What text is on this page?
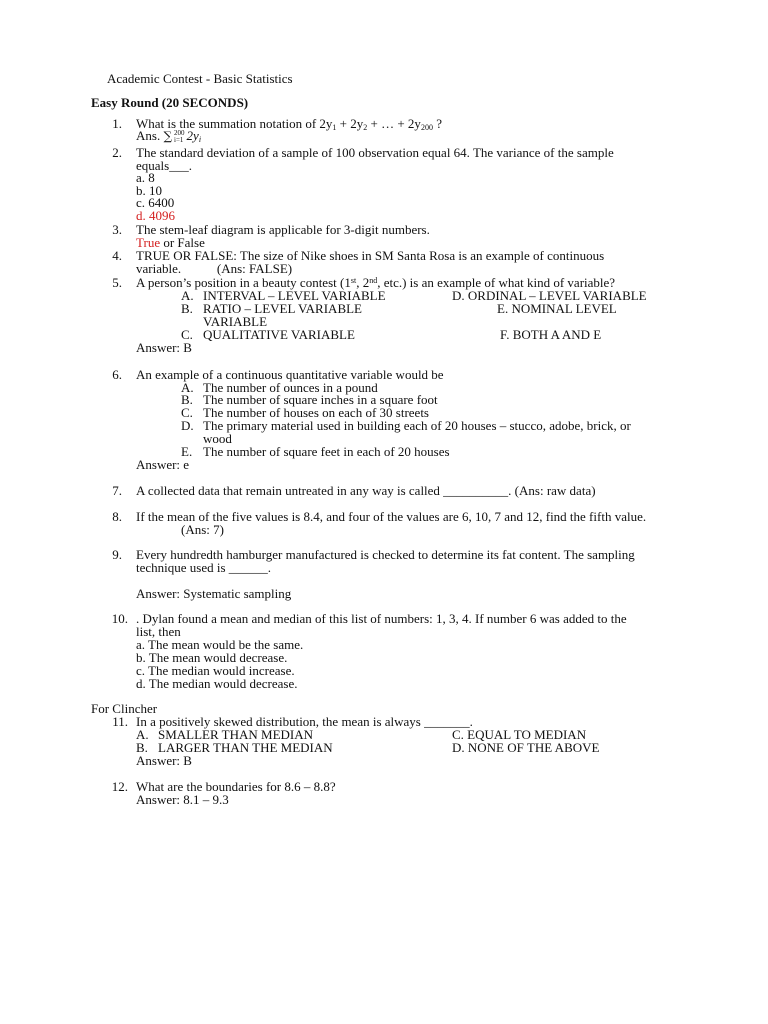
Academic Contest - Basic Statistics
Easy Round (20 SECONDS)
1. What is the summation notation of $2y_1 + 2y_2$ + … + $2y_{200}$ ?
Ans. ∑ 200
i=1 $2y_i$
2. The standard deviation of a sample of 100 observation equal 64. The variance of the sample
equals___.
a. 8
b. 10
c. 6400
d. 4096
3. The stem-leaf diagram is applicable for 3-digit numbers.
True or False
4. TRUE OR FALSE: The size of Nike shoes in SM Santa Rosa is an example of continuous
variable.           (Ans: FALSE)
5. A person’s position in a beauty contest (1st, 2nd, etc.) is an example of what kind of variable?
A. INTERVAL – LEVEL VARIABLE	D. ORDINAL – LEVEL VARIABLE
B. RATIO – LEVEL VARIABLE	E. NOMINAL LEVEL
VARIABLE
C. QUALITATIVE VARIABLE	F. BOTH A AND E
Answer: B
6. An example of a continuous quantitative variable would be
A. The number of ounces in a pound
B. The number of square inches in a square foot
C. The number of houses on each of 30 streets
D. The primary material used in building each of 20 houses – stucco, adobe, brick, or
wood
E. The number of square feet in each of 20 houses
Answer: e
7. A collected data that remain untreated in any way is called __________. (Ans: raw data)
8. If the mean of the five values is 8.4, and four of the values are 6, 10, 7 and 12, find the fifth value.
(Ans: 7)
9. Every hundredth hamburger manufactured is checked to determine its fat content. The sampling
technique used is ______.
Answer: Systematic sampling
10. . Dylan found a mean and median of this list of numbers: 1, 3, 4. If number 6 was added to the
list, then
a. The mean would be the same.
b. The mean would decrease.
c. The median would increase.
d. The median would decrease.
For Clincher
11. In a positively skewed distribution, the mean is always _______.
A. SMALLER THAN MEDIAN	C. EQUAL TO MEDIAN
B. LARGER THAN THE MEDIAN	D. NONE OF THE ABOVE
Answer: B
12. What are the boundaries for 8.6 – 8.8?
Answer: 8.1 – 9.3
